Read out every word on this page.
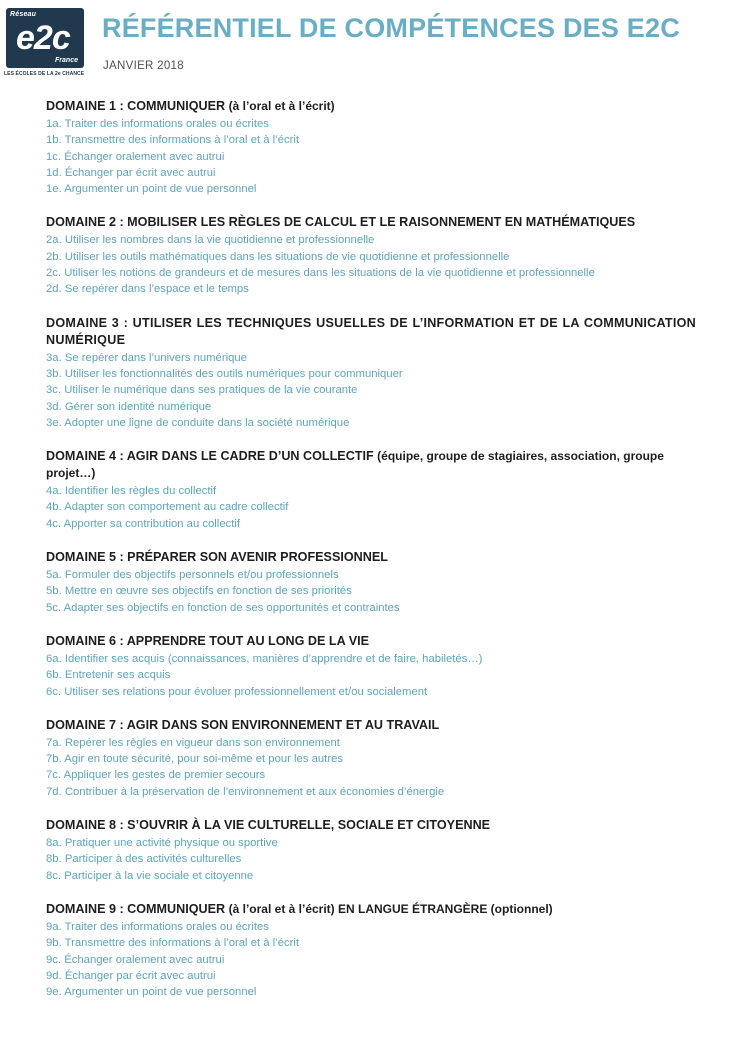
Réseau
e2c
France
LES ÉCOLES DE LA 2e CHANCE
RÉFÉRENTIEL DE COMPÉTENCES DES E2C
JANVIER 2018
DOMAINE 1 : COMMUNIQUER (à l’oral et à l’écrit)
1a. Traiter des informations orales ou écrites
1b. Transmettre des informations à l’oral et à l’écrit
1c. Échanger oralement avec autrui
1d. Échanger par écrit avec autrui
1e. Argumenter un point de vue personnel
DOMAINE 2 : MOBILISER LES RÈGLES DE CALCUL ET LE RAISONNEMENT EN MATHÉMATIQUES
2a. Utiliser les nombres dans la vie quotidienne et professionnelle
2b. Utiliser les outils mathématiques dans les situations de vie quotidienne et professionnelle
2c. Utiliser les notions de grandeurs et de mesures dans les situations de la vie quotidienne et professionnelle
2d. Se repérer dans l’espace et le temps
DOMAINE 3 : UTILISER LES TECHNIQUES USUELLES DE L’INFORMATION ET DE LA COMMUNICATION NUMÉRIQUE
3a. Se repérer dans l’univers numérique
3b. Utiliser les fonctionnalités des outils numériques pour communiquer
3c. Utiliser le numérique dans ses pratiques de la vie courante
3d. Gérer son identité numérique
3e. Adopter une ligne de conduite dans la société numérique
DOMAINE 4 : AGIR DANS LE CADRE D’UN COLLECTIF (équipe, groupe de stagiaires, association, groupe projet…)
4a. Identifier les règles du collectif
4b. Adapter son comportement au cadre collectif
4c. Apporter sa contribution au collectif
DOMAINE 5 : PRÉPARER SON AVENIR PROFESSIONNEL
5a. Formuler des objectifs personnels et/ou professionnels
5b. Mettre en œuvre ses objectifs en fonction de ses priorités
5c. Adapter ses objectifs en fonction de ses opportunités et contraintes
DOMAINE 6 : APPRENDRE TOUT AU LONG DE LA VIE
6a. Identifier ses acquis (connaissances, manières d’apprendre et de faire, habiletés…)
6b. Entretenir ses acquis
6c. Utiliser ses relations pour évoluer professionnellement et/ou socialement
DOMAINE 7 : AGIR DANS SON ENVIRONNEMENT ET AU TRAVAIL
7a. Repérer les règles en vigueur dans son environnement
7b. Agir en toute sécurité, pour soi-même et pour les autres
7c. Appliquer les gestes de premier secours
7d. Contribuer à la préservation de l’environnement et aux économies d’énergie
DOMAINE 8 : S’OUVRIR À LA VIE CULTURELLE, SOCIALE ET CITOYENNE
8a. Pratiquer une activité physique ou sportive
8b. Participer à des activités culturelles
8c. Participer à la vie sociale et citoyenne
DOMAINE 9 : COMMUNIQUER (à l’oral et à l’écrit) EN LANGUE ÉTRANGÈRE (optionnel)
9a. Traiter des informations orales ou écrites
9b. Transmettre des informations à l’oral et à l’écrit
9c. Échanger oralement avec autrui
9d. Échanger par écrit avec autrui
9e. Argumenter un point de vue personnel
